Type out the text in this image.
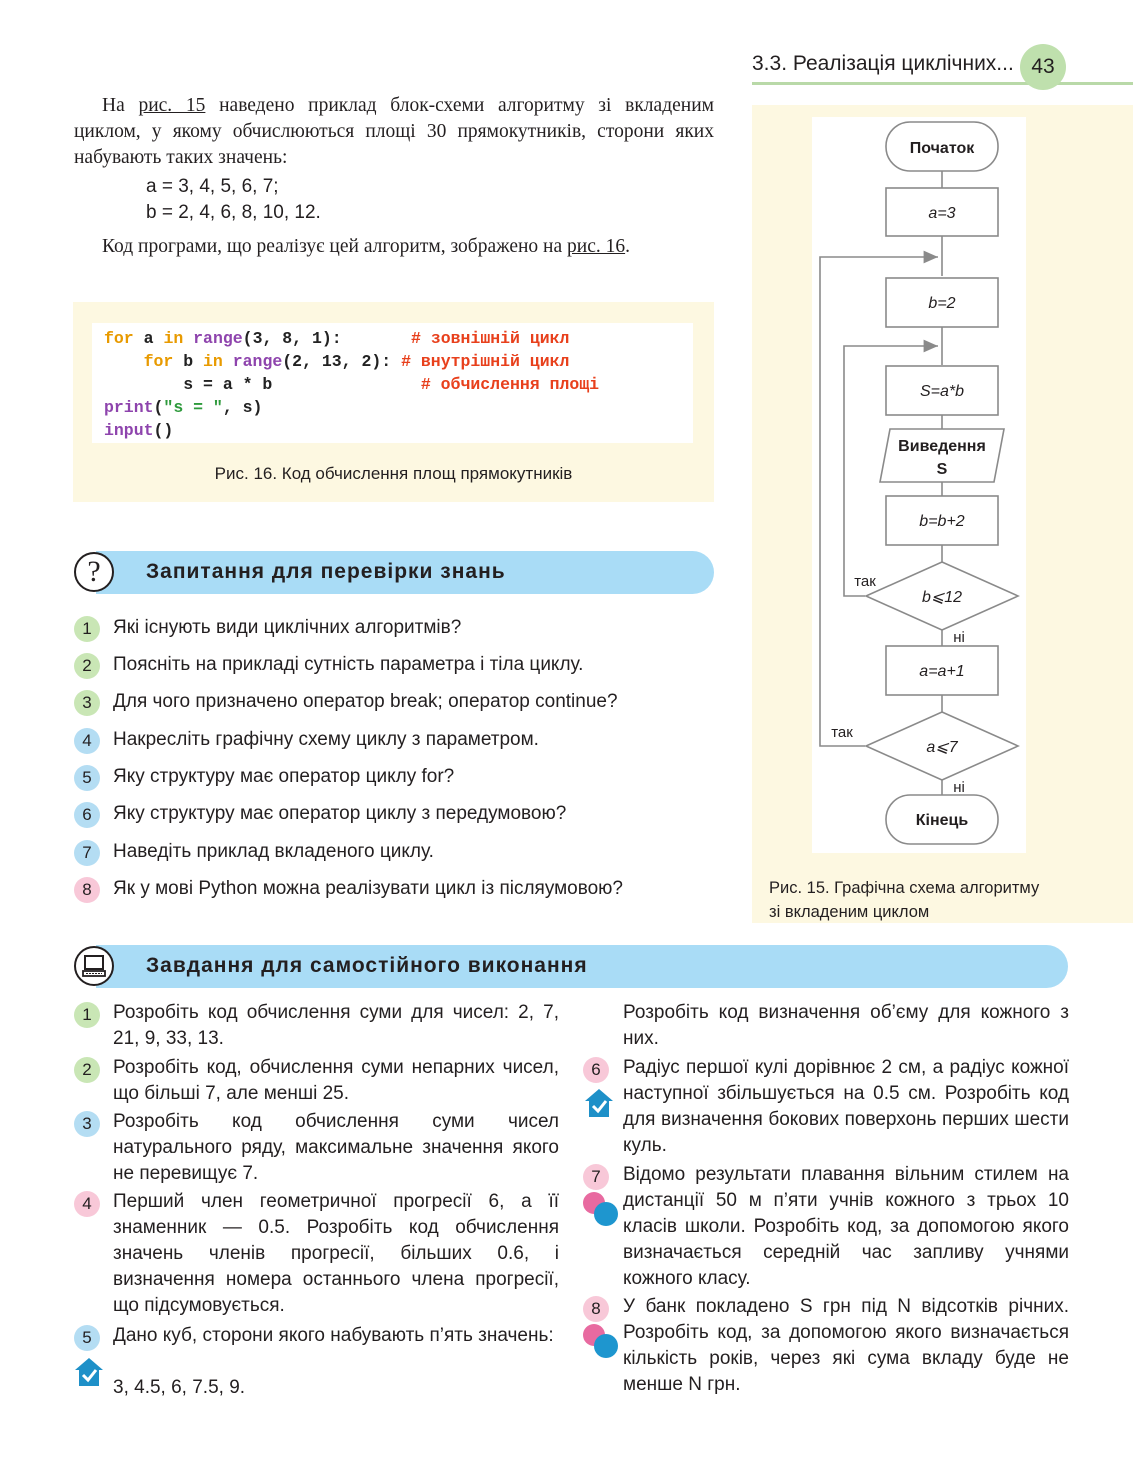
3.3. Реалізація циклічних... 43

На рис. 15 наведено приклад блок-схеми алгоритму зі вкладеним циклом, у якому обчислюються площі 30 прямокутників, сторони яких набувають таких значень:

a = 3, 4, 5, 6, 7;
b = 2, 4, 6, 8, 10, 12.

Код програми, що реалізує цей алгоритм, зображено на рис. 16.

for a in range(3, 8, 1):       # зовнішній цикл
for b in range(2, 13, 2): # внутрішній цикл
s = a * b               # обчислення площі
print("s = ", s)
input()
Рис. 16. Код обчислення площ прямокутників
Початок
a=3
b=2
S=a*b
Виведення
S
b=b+2
b⩽12
a=a+1
a⩽7
Кінець
так
ні
так
ні
Рис. 15. Графічна схема алгоритму
зі вкладеним циклом
?	Запитання для перевірки знань
1	Які існують види циклічних алгоритмів?
2	Поясніть на прикладі сутність параметра і тіла циклу.
3	Для чого призначено оператор break; оператор continue?
4	Накресліть графічну схему циклу з параметром.
5	Яку структуру має оператор циклу for?
6	Яку структуру має оператор циклу з передумовою?
7	Наведіть приклад вкладеного циклу.
8	Як у мові Python можна реалізувати цикл із післяумовою?
Завдання для самостійного виконання
1	Розробіть код обчислення суми для чисел: 2, 7, 21, 9, 33, 13.
2	Розробіть код, обчислення суми непарних чисел, що більші 7, але менші 25.
3	Розробіть код обчислення суми чисел натурального ряду, максимальне значення якого не перевищує 7.
4	Перший член геометричної прогресії 6, а її знаменник — 0.5. Розробіть код обчислення значень членів прогресії, більших 0.6, і визначення номера останнього члена прогресії, що підсумовується.
5	Дано куб, сторони якого набувають п’ять значень:
3, 4.5, 6, 7.5, 9.
Розробіть код визначення об’єму для кожного з них.
6	Радіус першої кулі дорівнює 2 см, а радіус кожної наступної збільшується на 0.5 см. Розробіть код для визначення бокових поверхонь перших шести куль.
7	Відомо результати плавання вільним стилем на дистанції 50 м п’яти учнів кожного з трьох 10 класів школи. Розробіть код, за допомогою якого визначається середній час запливу учнями кожного класу.
8	У банк покладено S грн під N відсотків річних. Розробіть код, за допомогою якого визначається кількість років, через які сума вкладу буде не менше N грн.
